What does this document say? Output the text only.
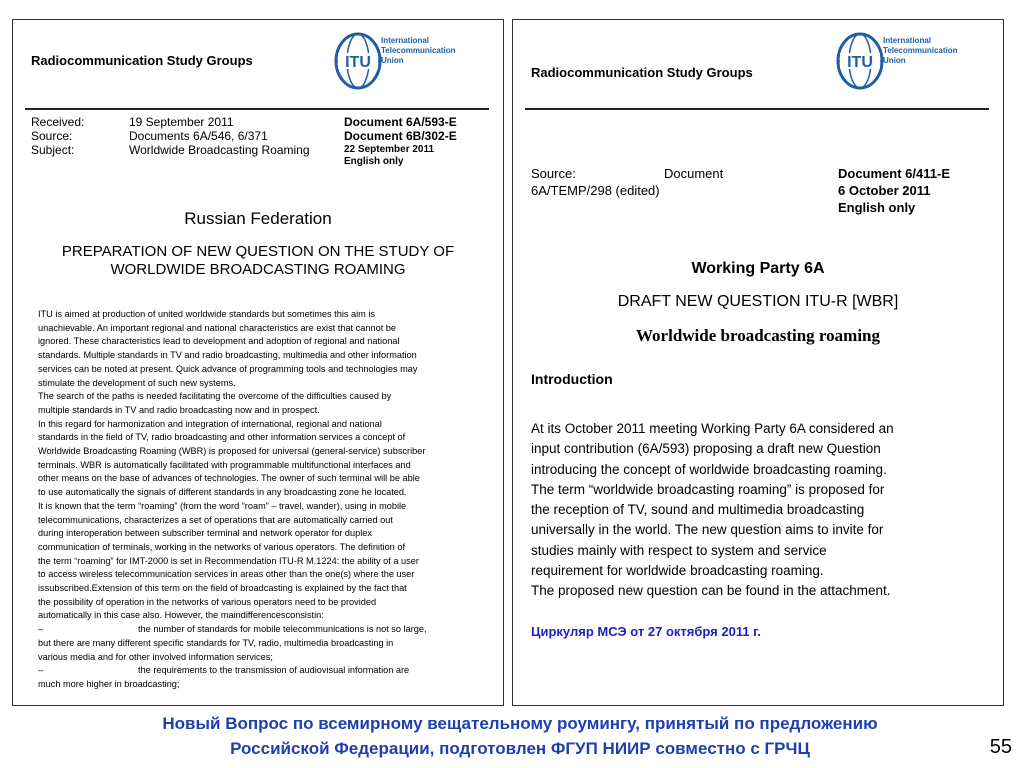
Radiocommunication Study Groups	ITU
International
Telecommunication
Union
Received:	19 September 2011
Source:	Documents 6A/546, 6/371
Subject:	Worldwide Broadcasting Roaming
Document 6A/593-E
Document 6B/302-E
22 September 2011
English only
Russian Federation
PREPARATION OF NEW QUESTION ON THE STUDY OF
WORLDWIDE BROADCASTING ROAMING
ITU is aimed at production of united worldwide standards but sometimes this aim is
unachievable. An important regional and national characteristics are exist that cannot be
ignored. These characteristics lead to development and adoption of regional and national
standards. Multiple standards in TV and radio broadcasting, multimedia and other information
services can be noted at present. Quick advance of programming tools and technologies may
stimulate the development of such new systems.
The search of the paths is needed facilitating the overcome of the difficulties caused by
multiple standards in TV and radio broadcasting now and in prospect.
In this regard for harmonization and integration of international, regional and national
standards in the field of TV, radio broadcasting and other information services a concept of
Worldwide Broadcasting Roaming (WBR) is proposed for universal (general-service) subscriber
terminals. WBR is automatically facilitated with programmable multifunctional interfaces and
other means on the base of advances of technologies. The owner of such terminal will be able
to use automatically the signals of different standards in any broadcasting zone he located.
It is known that the term “roaming” (from the word “roam” – travel, wander), using in mobile
telecommunications, characterizes a set of operations that are automatically carried out
during interoperation between subscriber terminal and network operator for duplex
communication of terminals, working in the networks of various operators. The definition of
the term “roaming” for IMT-2000 is set in Recommendation ITU-R M.1224: the ability of a user
to access wireless telecommunication services in areas other than the one(s) where the user
issubscribed.Extension of this term on the field of broadcasting is explained by the fact that
the possibility of operation in the networks of various operators need to be provided
automatically in this case also. However, the maindifferencesconsistin:
–	the number of standards for mobile telecommunications is not so large,
but there are many different specific standards for TV, radio, multimedia broadcasting in
various media and for other involved information services;
–	the requirements to the transmission of audiovisual information are
much more higher in broadcasting;
Radiocommunication Study Groups
ITU
International
Telecommunication
Union
Source:	Document
6A/TEMP/298 (edited)
Document 6/411-E
6 October 2011
English only
Working Party 6A
DRAFT NEW QUESTION ITU-R [WBR]
Worldwide broadcasting roaming
Introduction
At its October 2011 meeting Working Party 6A considered an
input contribution (6A/593) proposing a draft new Question
introducing the concept of worldwide broadcasting roaming.
The term “worldwide broadcasting roaming” is proposed for
the reception of TV, sound and multimedia broadcasting
universally in the world. The new question aims to invite for
studies mainly with respect to system and service
requirement for worldwide broadcasting roaming.
The proposed new question can be found in the attachment.
Циркуляр МСЭ от 27 октября 2011 г.
Новый Вопрос по всемирному вещательному роумингу, принятый по предложению
Российской Федерации, подготовлен ФГУП НИИР совместно с ГРЧЦ	55
